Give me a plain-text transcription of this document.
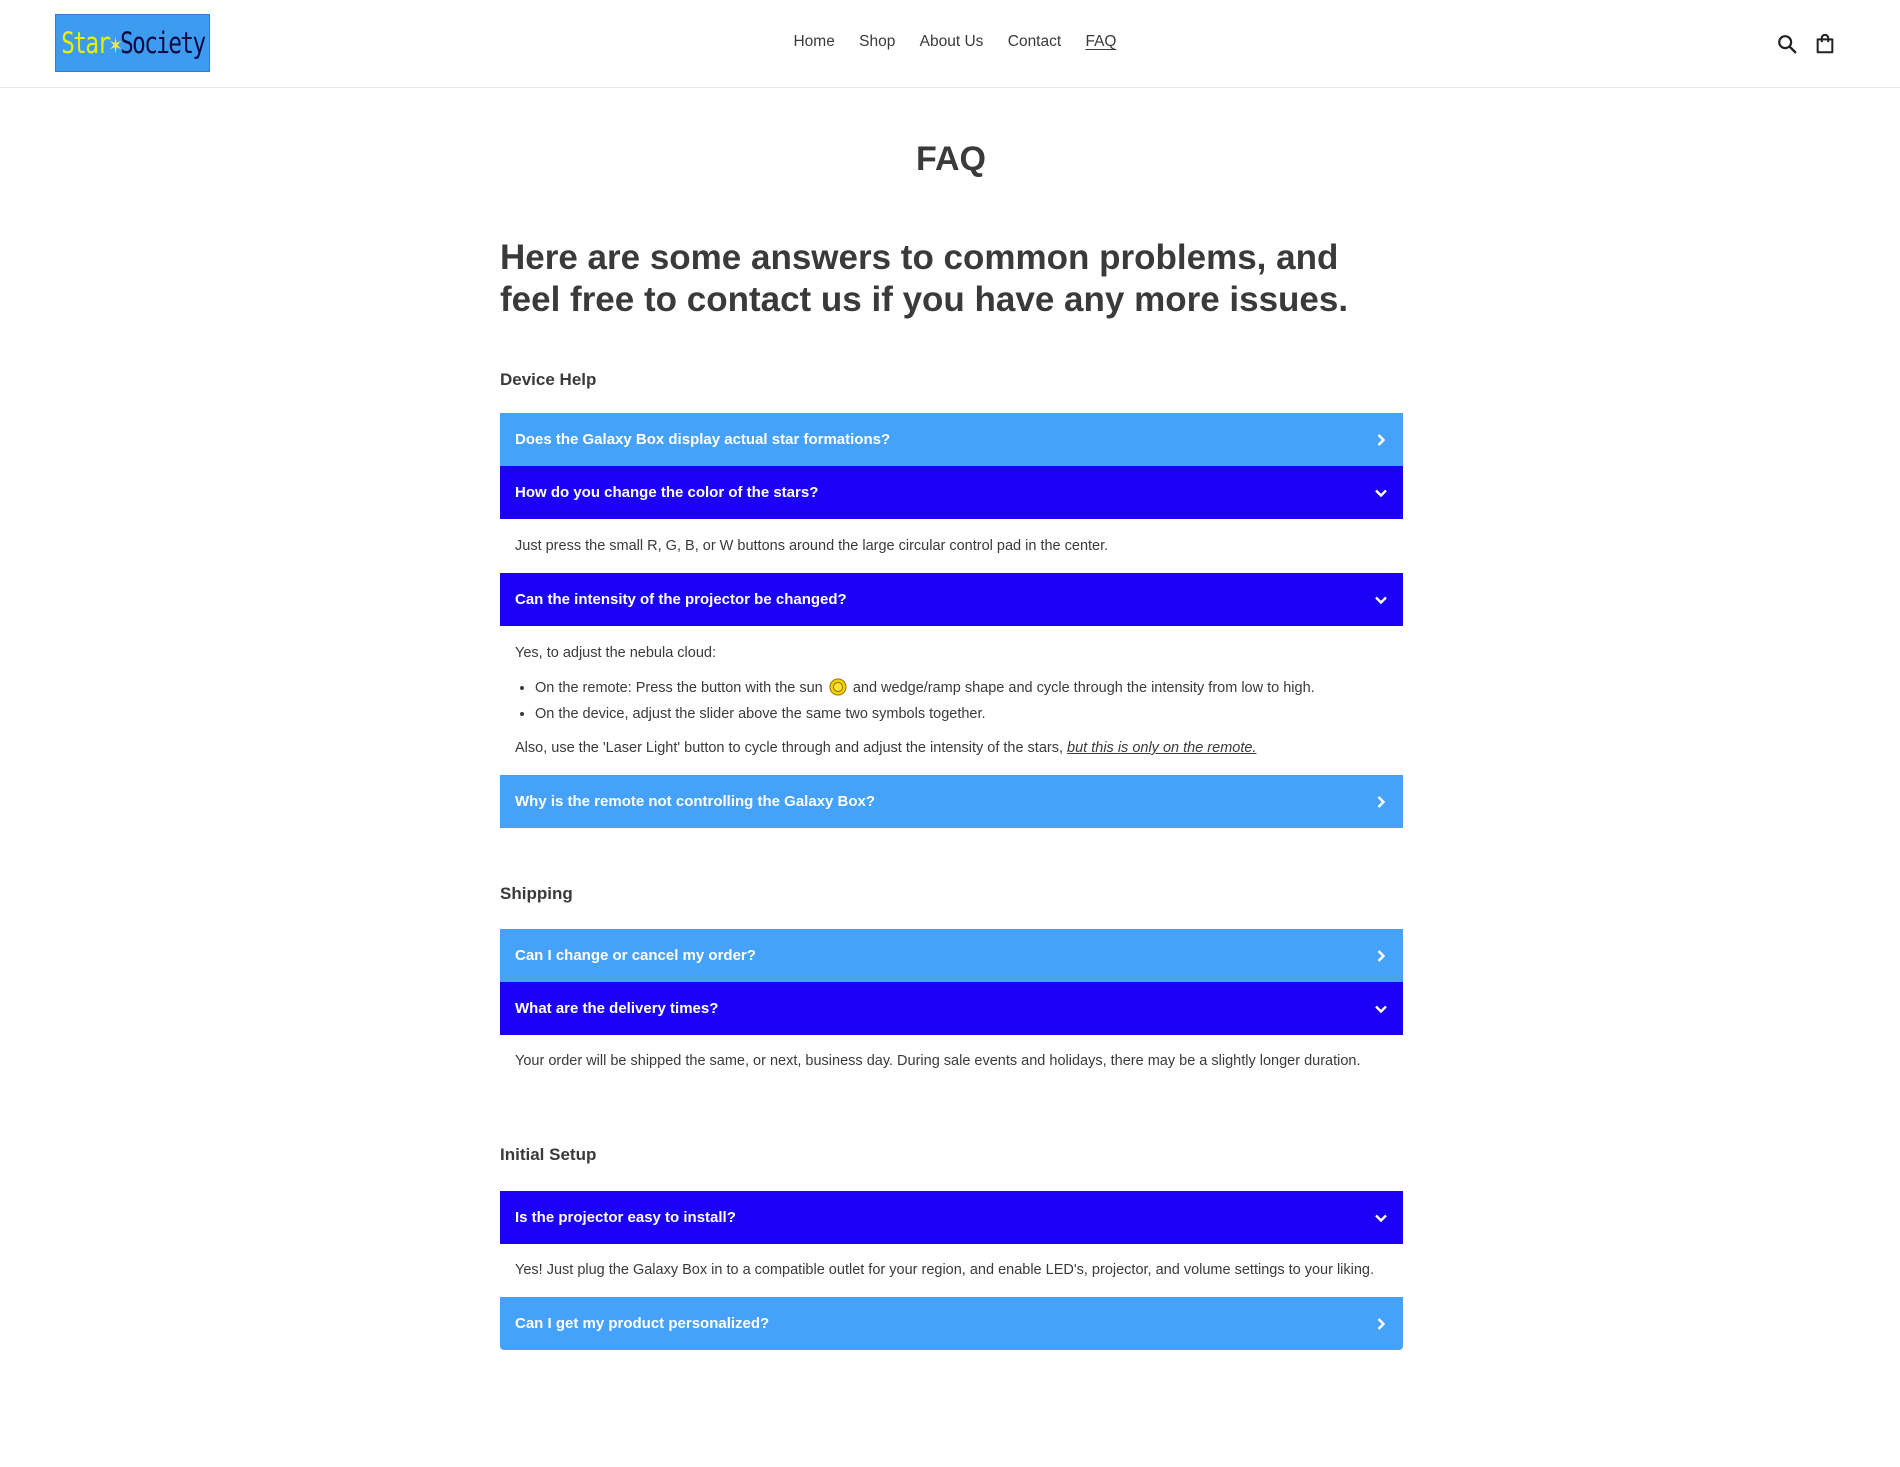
Star✶Society	Home Shop About Us Contact FAQ
FAQ
Here are some answers to common problems, and feel free to contact us if you have any more issues.
Device Help
Does the Galaxy Box display actual star formations?
How do you change the color of the stars?

Just press the small R, G, B, or W buttons around the large circular control pad in the center.

Can the intensity of the projector be changed?

Yes, to adjust the nebula cloud:

• On the remote: Press the button with the sun and wedge/ramp shape and cycle through the intensity from low to high.
• On the device, adjust the slider above the same two symbols together.

Also, use the 'Laser Light' button to cycle through and adjust the intensity of the stars, but this is only on the remote.

Why is the remote not controlling the Galaxy Box?
Shipping
Can I change or cancel my order?
What are the delivery times?

Your order will be shipped the same, or next, business day. During sale events and holidays, there may be a slightly longer duration.

Initial Setup
Is the projector easy to install?

Yes! Just plug the Galaxy Box in to a compatible outlet for your region, and enable LED's, projector, and volume settings to your liking.

Can I get my product personalized?
